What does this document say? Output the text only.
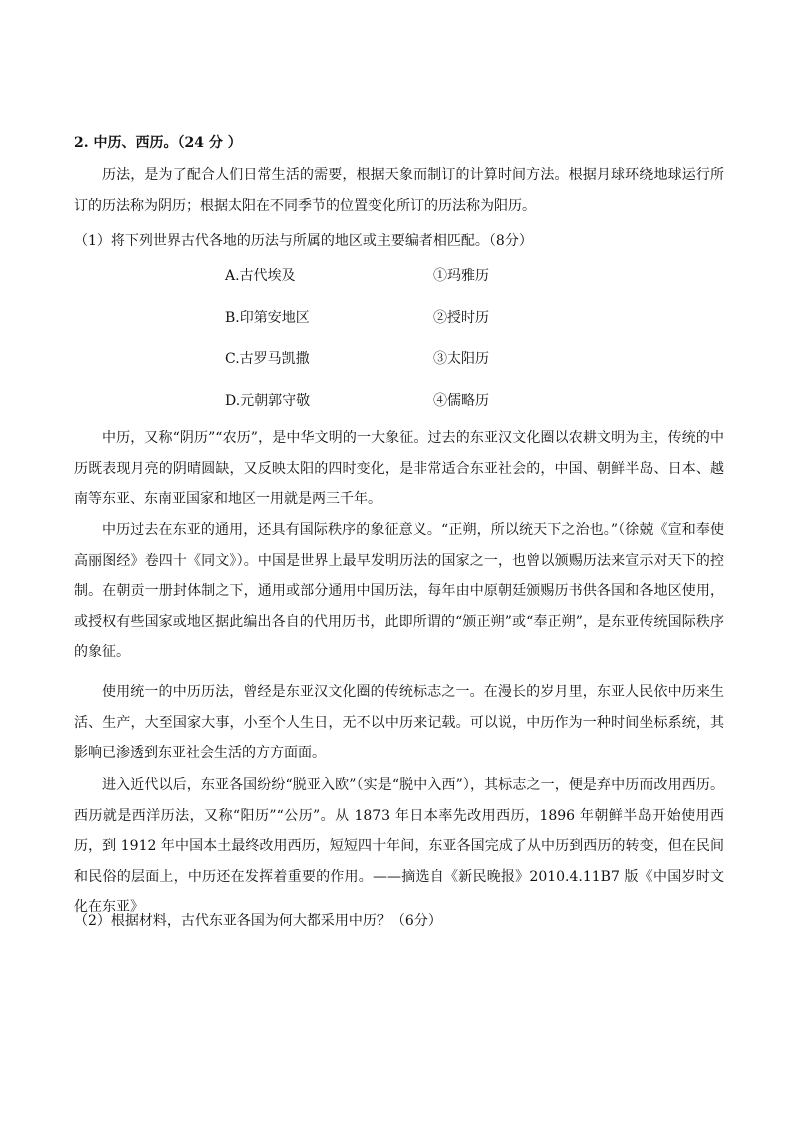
2. 中历、西历。（24 分 ）
历法，是为了配合人们日常生活的需要，根据天象而制订的计算时间方法。根据月球环绕地球运行所订的历法称为阴历；根据太阳在不同季节的位置变化所订的历法称为阳历。
（1）将下列世界古代各地的历法与所属的地区或主要编者相匹配。（8分）
A.古代埃及	①玛雅历
B.印第安地区	②授时历
C.古罗马凯撒	③太阳历
D.元朝郭守敬	④儒略历
中历，又称“阴历”“农历”，是中华文明的一大象征。过去的东亚汉文化圈以农耕文明为主，传统的中历既表现月亮的阴晴圆缺，又反映太阳的四时变化，是非常适合东亚社会的，中国、朝鲜半岛、日本、越南等东亚、东南亚国家和地区一用就是两三千年。
中历过去在东亚的通用，还具有国际秩序的象征意义。“正朔，所以统天下之治也。”（徐兢《宣和奉使高丽图经》卷四十《同文》）。中国是世界上最早发明历法的国家之一，也曾以颁赐历法来宣示对天下的控制。在朝贡一册封体制之下，通用或部分通用中国历法，每年由中原朝廷颁赐历书供各国和各地区使用，或授权有些国家或地区据此编出各自的代用历书，此即所谓的“颁正朔”或“奉正朔”，是东亚传统国际秩序的象征。
使用统一的中历历法，曾经是东亚汉文化圈的传统标志之一。在漫长的岁月里，东亚人民依中历来生活、生产，大至国家大事，小至个人生日，无不以中历来记载。可以说，中历作为一种时间坐标系统，其影响已渗透到东亚社会生活的方方面面。
进入近代以后，东亚各国纷纷“脱亚入欧”（实是“脱中入西”），其标志之一，便是弃中历而改用西历。西历就是西洋历法，又称“阳历”“公历”。从 1873 年日本率先改用西历，1896 年朝鲜半岛开始使用西历，到 1912 年中国本土最终改用西历，短短四十年间，东亚各国完成了从中历到西历的转变，但在民间和民俗的层面上，中历还在发挥着重要的作用。——摘选自《新民晚报》2010.4.11B7 版《中国岁时文化在东亚》
（2）根据材料，古代东亚各国为何大都采用中历？（6分）
